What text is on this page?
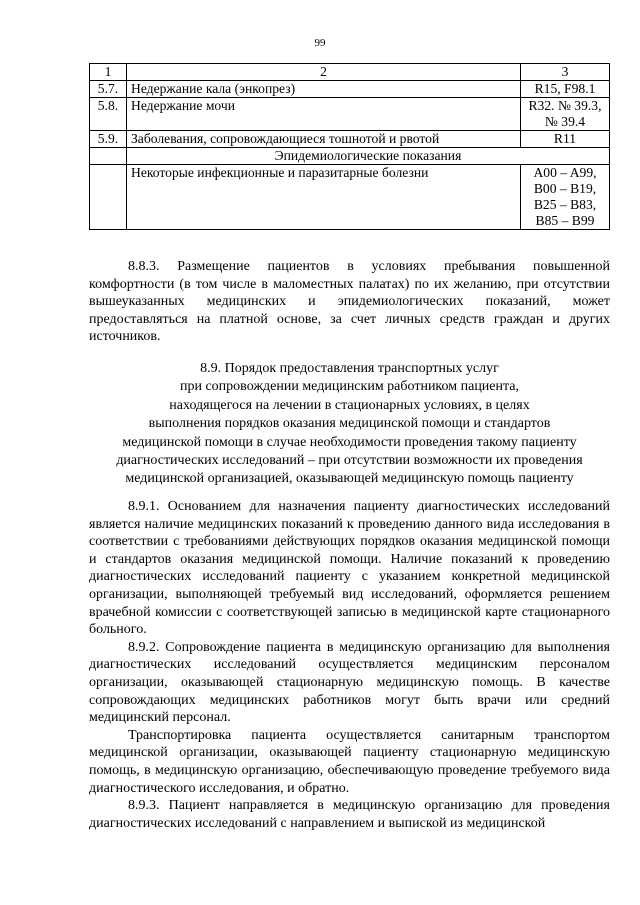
99
1	2	3
5.7.	Недержание кала (энкопрез)	R15, F98.1

5.8.	Недержание мочи	R32. № 39.3,
№ 39.4

5.9.	Заболевания, сопровождающиеся тошнотой и рвотой	R11

	Эпидемиологические показания	
	Некоторые инфекционные и паразитарные болезни	A00 – A99,
B00 – B19,
B25 – B83,
B85 – B99

8.8.3. Размещение пациентов в условиях пребывания повышенной комфортности (в том числе в маломестных палатах) по их желанию, при отсутствии вышеуказанных медицинских и эпидемиологических показаний, может предоставляться на платной основе, за счет личных средств граждан и других источников.

8.9. Порядок предоставления транспортных услуг
при сопровождении медицинским работником пациента,
находящегося на лечении в стационарных условиях, в целях
выполнения порядков оказания медицинской помощи и стандартов
медицинской помощи в случае необходимости проведения такому пациенту
диагностических исследований – при отсутствии возможности их проведения
медицинской организацией, оказывающей медицинскую помощь пациенту

8.9.1. Основанием для назначения пациенту диагностических исследований является наличие медицинских показаний к проведению данного вида исследования в соответствии с требованиями действующих порядков оказания медицинской помощи и стандартов оказания медицинской помощи. Наличие показаний к проведению диагностических исследований пациенту с указанием конкретной медицинской организации, выполняющей требуемый вид исследований, оформляется решением врачебной комиссии с соответствующей записью в медицинской карте стационарного больного.

8.9.2. Сопровождение пациента в медицинскую организацию для выполнения диагностических исследований осуществляется медицинским персоналом организации, оказывающей стационарную медицинскую помощь. В качестве сопровождающих медицинских работников могут быть врачи или средний медицинский персонал.

Транспортировка пациента осуществляется санитарным транспортом медицинской организации, оказывающей пациенту стационарную медицинскую помощь, в медицинскую организацию, обеспечивающую проведение требуемого вида диагностического исследования, и обратно.

8.9.3. Пациент направляется в медицинскую организацию для проведения диагностических исследований с направлением и выпиской из медицинской
